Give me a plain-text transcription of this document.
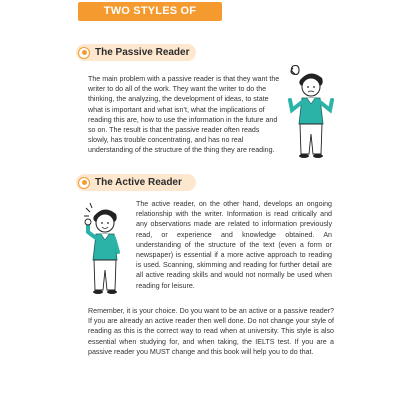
TWO STYLES OF READING
The Passive Reader

The main problem with a passive reader is that they want the writer to do all of the work. They want the writer to do the thinking, the analyzing, the development of ideas, to state what is important and what isn’t, what the implications of reading this are, how to use the information in the future and so on. The result is that the passive reader often reads slowly, has trouble concentrating, and has no real understanding of the structure of the thing they are reading.

The Active Reader

The active reader, on the other hand, develops an ongoing relationship with the writer. Information is read critically and any observations made are related to information previously read, or experience and knowledge obtained. An understanding of the structure of the text (even a form or newspaper) is essential if a more active approach to reading is used. Scanning, skimming and reading for further detail are all active reading skills and would not normally be used when reading for leisure.

Remember, it is your choice. Do you want to be an active or a passive reader? If you are already an active reader then well done. Do not change your style of reading as this is the correct way to read when at university. This style is also essential when studying for, and when taking, the IELTS test. If you are a passive reader you MUST change and this book will help you to do that.
